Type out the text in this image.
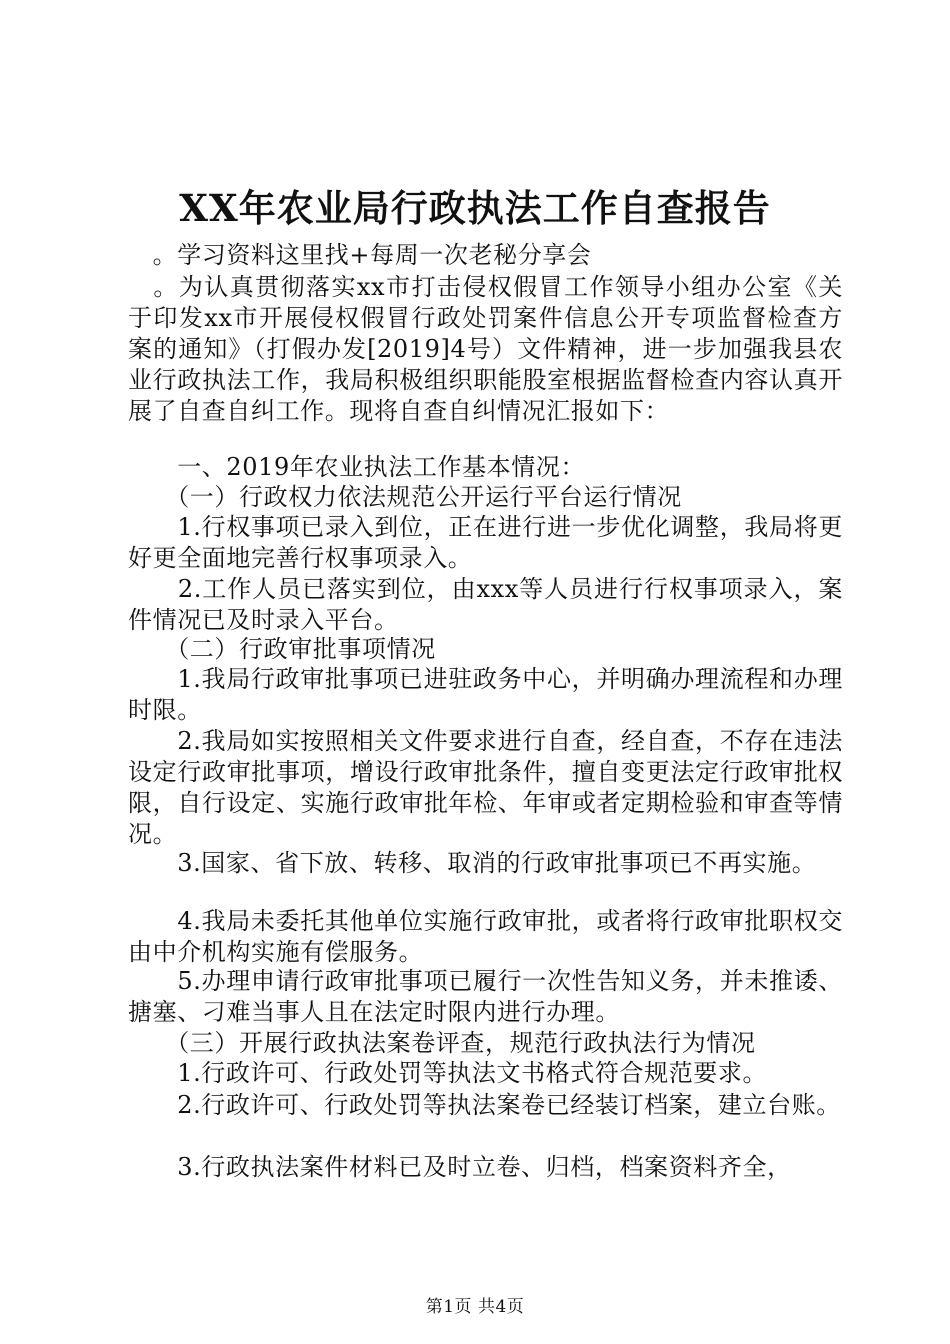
XX年农业局行政执法工作自查报告
　。学习资料这里找+每周一次老秘分享会
　。为认真贯彻落实xx市打击侵权假冒工作领导小组办公室《关于印发xx市开展侵权假冒行政处罚案件信息公开专项监督检查方案的通知》（打假办发[2019]4号）文件精神，进一步加强我县农业行政执法工作，我局积极组织职能股室根据监督检查内容认真开展了自查自纠工作。现将自查自纠情况汇报如下：
　　一、2019年农业执法工作基本情况：
　　（一）行政权力依法规范公开运行平台运行情况
　　1.行权事项已录入到位，正在进行进一步优化调整，我局将更好更全面地完善行权事项录入。
　　2.工作人员已落实到位，由xxx等人员进行行权事项录入，案件情况已及时录入平台。
　　（二）行政审批事项情况
　　1.我局行政审批事项已进驻政务中心，并明确办理流程和办理时限。
　　2.我局如实按照相关文件要求进行自查，经自查，不存在违法设定行政审批事项，增设行政审批条件，擅自变更法定行政审批权限，自行设定、实施行政审批年检、年审或者定期检验和审查等情况。
　　3.国家、省下放、转移、取消的行政审批事项已不再实施。
　　4.我局未委托其他单位实施行政审批，或者将行政审批职权交由中介机构实施有偿服务。
　　5.办理申请行政审批事项已履行一次性告知义务，并未推诿、搪塞、刁难当事人且在法定时限内进行办理。
　　（三）开展行政执法案卷评查，规范行政执法行为情况
　　1.行政许可、行政处罚等执法文书格式符合规范要求。
　　2.行政许可、行政处罚等执法案卷已经装订档案，建立台账。
　　3.行政执法案件材料已及时立卷、归档，档案资料齐全，
第1页 共4页
